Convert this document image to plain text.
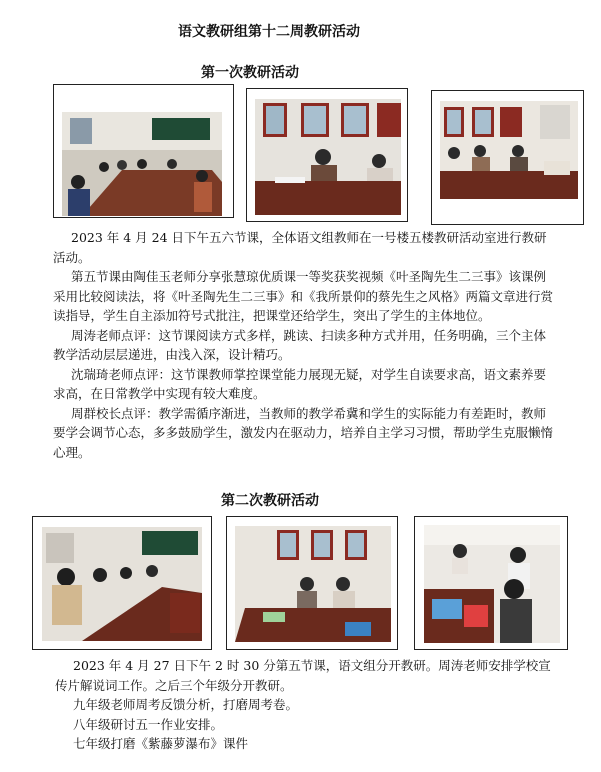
语文教研组第十二周教研活动
第一次教研活动

2023 年 4 月 24 日下午五六节课，全体语文组教师在一号楼五楼教研活动室进行教研活动。

第五节课由陶佳玉老师分享张慧琼优质课一等奖获奖视频《叶圣陶先生二三事》该课例采用比较阅读法，将《叶圣陶先生二三事》和《我所景仰的蔡先生之风格》两篇文章进行赏读指导，学生自主添加符号式批注，把课堂还给学生，突出了学生的主体地位。

周涛老师点评：这节课阅读方式多样，跳读、扫读多种方式并用，任务明确，三个主体教学活动层层递进，由浅入深，设计精巧。

沈瑞琦老师点评：这节课教师掌控课堂能力展现无疑，对学生自读要求高，语文素养要求高，在日常教学中实现有较大难度。

周群校长点评：教学需循序渐进，当教师的教学希冀和学生的实际能力有差距时，教师要学会调节心态，多多鼓励学生，激发内在驱动力，培养自主学习习惯，帮助学生克服懒惰心理。

第二次教研活动

2023 年 4 月 27 日下午 2 时 30 分第五节课，语文组分开教研。周涛老师安排学校宣传片解说词工作。之后三个年级分开教研。

九年级老师周考反馈分析，打磨周考卷。

八年级研讨五一作业安排。

七年级打磨《紫藤萝瀑布》课件
